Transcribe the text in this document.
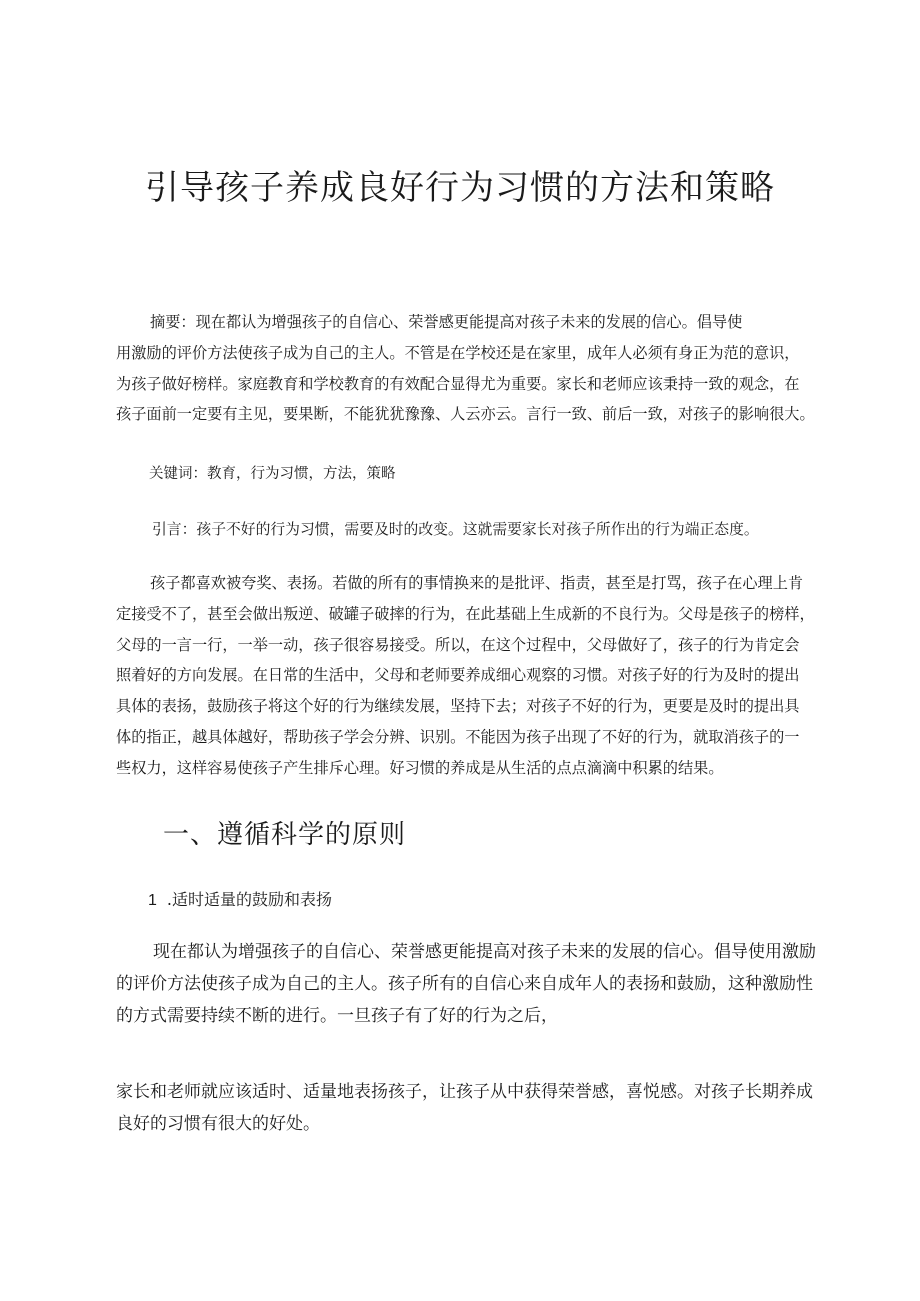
引导孩子养成良好行为习惯的方法和策略
摘要：现在都认为增强孩子的自信心、荣誉感更能提高对孩子未来的发展的信心。倡导使
用激励的评价方法使孩子成为自己的主人。不管是在学校还是在家里，成年人必须有身正为范的意识，
为孩子做好榜样。家庭教育和学校教育的有效配合显得尤为重要。家长和老师应该秉持一致的观念，在
孩子面前一定要有主见，要果断，不能犹犹豫豫、人云亦云。言行一致、前后一致，对孩子的影响很大。

关键词：教育，行为习惯，方法，策略

引言：孩子不好的行为习惯，需要及时的改变。这就需要家长对孩子所作出的行为端正态度。

孩子都喜欢被夸奖、表扬。若做的所有的事情换来的是批评、指责，甚至是打骂，孩子在心理上肯
定接受不了，甚至会做出叛逆、破罐子破摔的行为，在此基础上生成新的不良行为。父母是孩子的榜样，
父母的一言一行，一举一动，孩子很容易接受。所以，在这个过程中，父母做好了，孩子的行为肯定会
照着好的方向发展。在日常的生活中，父母和老师要养成细心观察的习惯。对孩子好的行为及时的提出
具体的表扬，鼓励孩子将这个好的行为继续发展，坚持下去；对孩子不好的行为，更要是及时的提出具
体的指正，越具体越好，帮助孩子学会分辨、识别。不能因为孩子出现了不好的行为，就取消孩子的一
些权力，这样容易使孩子产生排斥心理。好习惯的养成是从生活的点点滴滴中积累的结果。
一、遵循科学的原则
1 .适时适量的鼓励和表扬
现在都认为增强孩子的自信心、荣誉感更能提高对孩子未来的发展的信心。倡导使用激励
的评价方法使孩子成为自己的主人。孩子所有的自信心来自成年人的表扬和鼓励，这种激励性
的方式需要持续不断的进行。一旦孩子有了好的行为之后，
家长和老师就应该适时、适量地表扬孩子，让孩子从中获得荣誉感，喜悦感。对孩子长期养成
良好的习惯有很大的好处。
